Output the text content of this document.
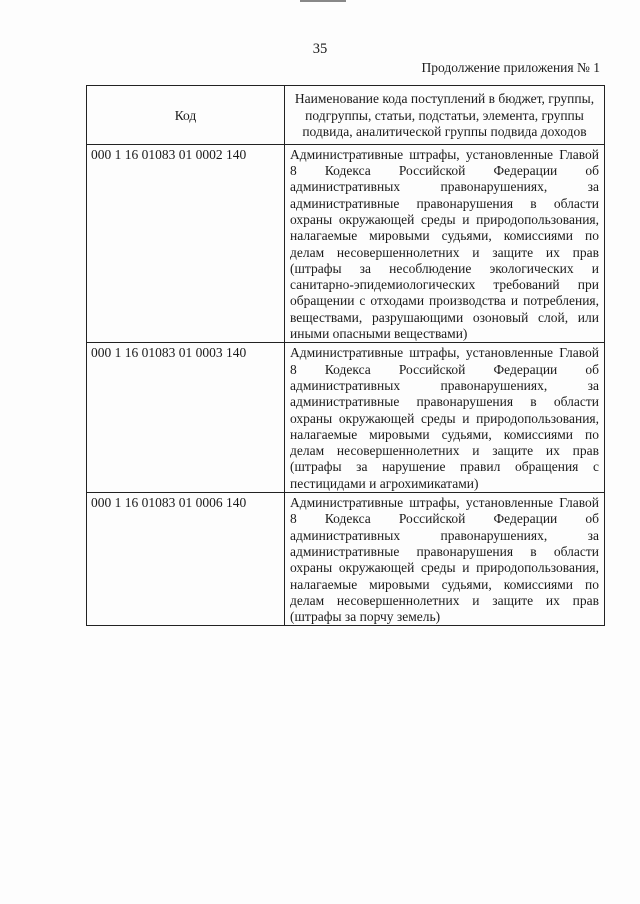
35
Продолжение приложения № 1
Код	Наименование кода поступлений в бюджет, группы, подгруппы, статьи, подстатьи, элемента, группы подвида, аналитической группы подвида доходов
000 1 16 01083 01 0002 140	Административные штрафы, установленные Главой 8 Кодекса Российской Федерации об административных правонарушениях, за административные правонарушения в области охраны окружающей среды и природопользования, налагаемые мировыми судьями, комиссиями по делам несовершеннолетних и защите их прав (штрафы за несоблюдение экологических и санитарно-эпидемиологических требований при обращении с отходами производства и потребления, веществами, разрушающими озоновый слой, или иными опасными веществами)
000 1 16 01083 01 0003 140	Административные штрафы, установленные Главой 8 Кодекса Российской Федерации об административных правонарушениях, за административные правонарушения в области охраны окружающей среды и природопользования, налагаемые мировыми судьями, комиссиями по делам несовершеннолетних и защите их прав (штрафы за нарушение правил обращения с пестицидами и агрохимикатами)
000 1 16 01083 01 0006 140	Административные штрафы, установленные Главой 8 Кодекса Российской Федерации об административных правонарушениях, за административные правонарушения в области охраны окружающей среды и природопользования, налагаемые мировыми судьями, комиссиями по делам несовершеннолетних и защите их прав (штрафы за порчу земель)
